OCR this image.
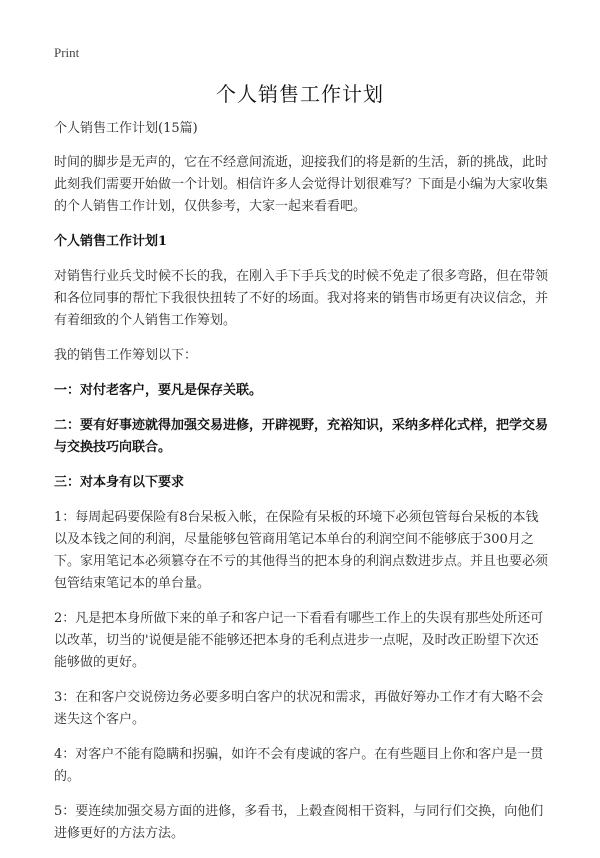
Print
个人销售工作计划

个人销售工作计划(15篇)

时间的脚步是无声的，它在不经意间流逝，迎接我们的将是新的生活，新的挑战，此时此刻我们需要开始做一个计划。相信许多人会觉得计划很难写？下面是小编为大家收集的个人销售工作计划，仅供参考，大家一起来看看吧。

个人销售工作计划1

对销售行业兵戈时候不长的我，在刚入手下手兵戈的时候不免走了很多弯路，但在带领和各位同事的帮忙下我很快扭转了不好的场面。我对将来的销售市场更有决议信念，并有着细致的个人销售工作筹划。

我的销售工作筹划以下：

一：对付老客户，要凡是保存关联。

二：要有好事迹就得加强交易进修，开辟视野，充裕知识，采纳多样化式样，把学交易与交换技巧向联合。

三：对本身有以下要求

1：每周起码要保险有8台呆板入帐，在保险有呆板的环境下必须包管每台呆板的本钱以及本钱之间的利润，尽量能够包管商用笔记本单台的利润空间不能够底于300月之下。家用笔记本必须篡夺在不亏的其他得当的把本身的利润点数进步点。并且也要必须包管结束笔记本的单台量。

2：凡是把本身所做下来的单子和客户记一下看看有哪些工作上的失误有那些处所还可以改革，切当的'说便是能不能够还把本身的毛利点进步一点呢，及时改正盼望下次还能够做的更好。

3：在和客户交说傍边务必要多明白客户的状况和需求，再做好筹办工作才有大略不会迷失这个客户。

4：对客户不能有隐瞒和拐骗，如许不会有虔诚的客户。在有些题目上你和客户是一贯的。

5：要连续加强交易方面的进修，多看书，上毂查阅相干资料，与同行们交换，向他们进修更好的方法方法。
